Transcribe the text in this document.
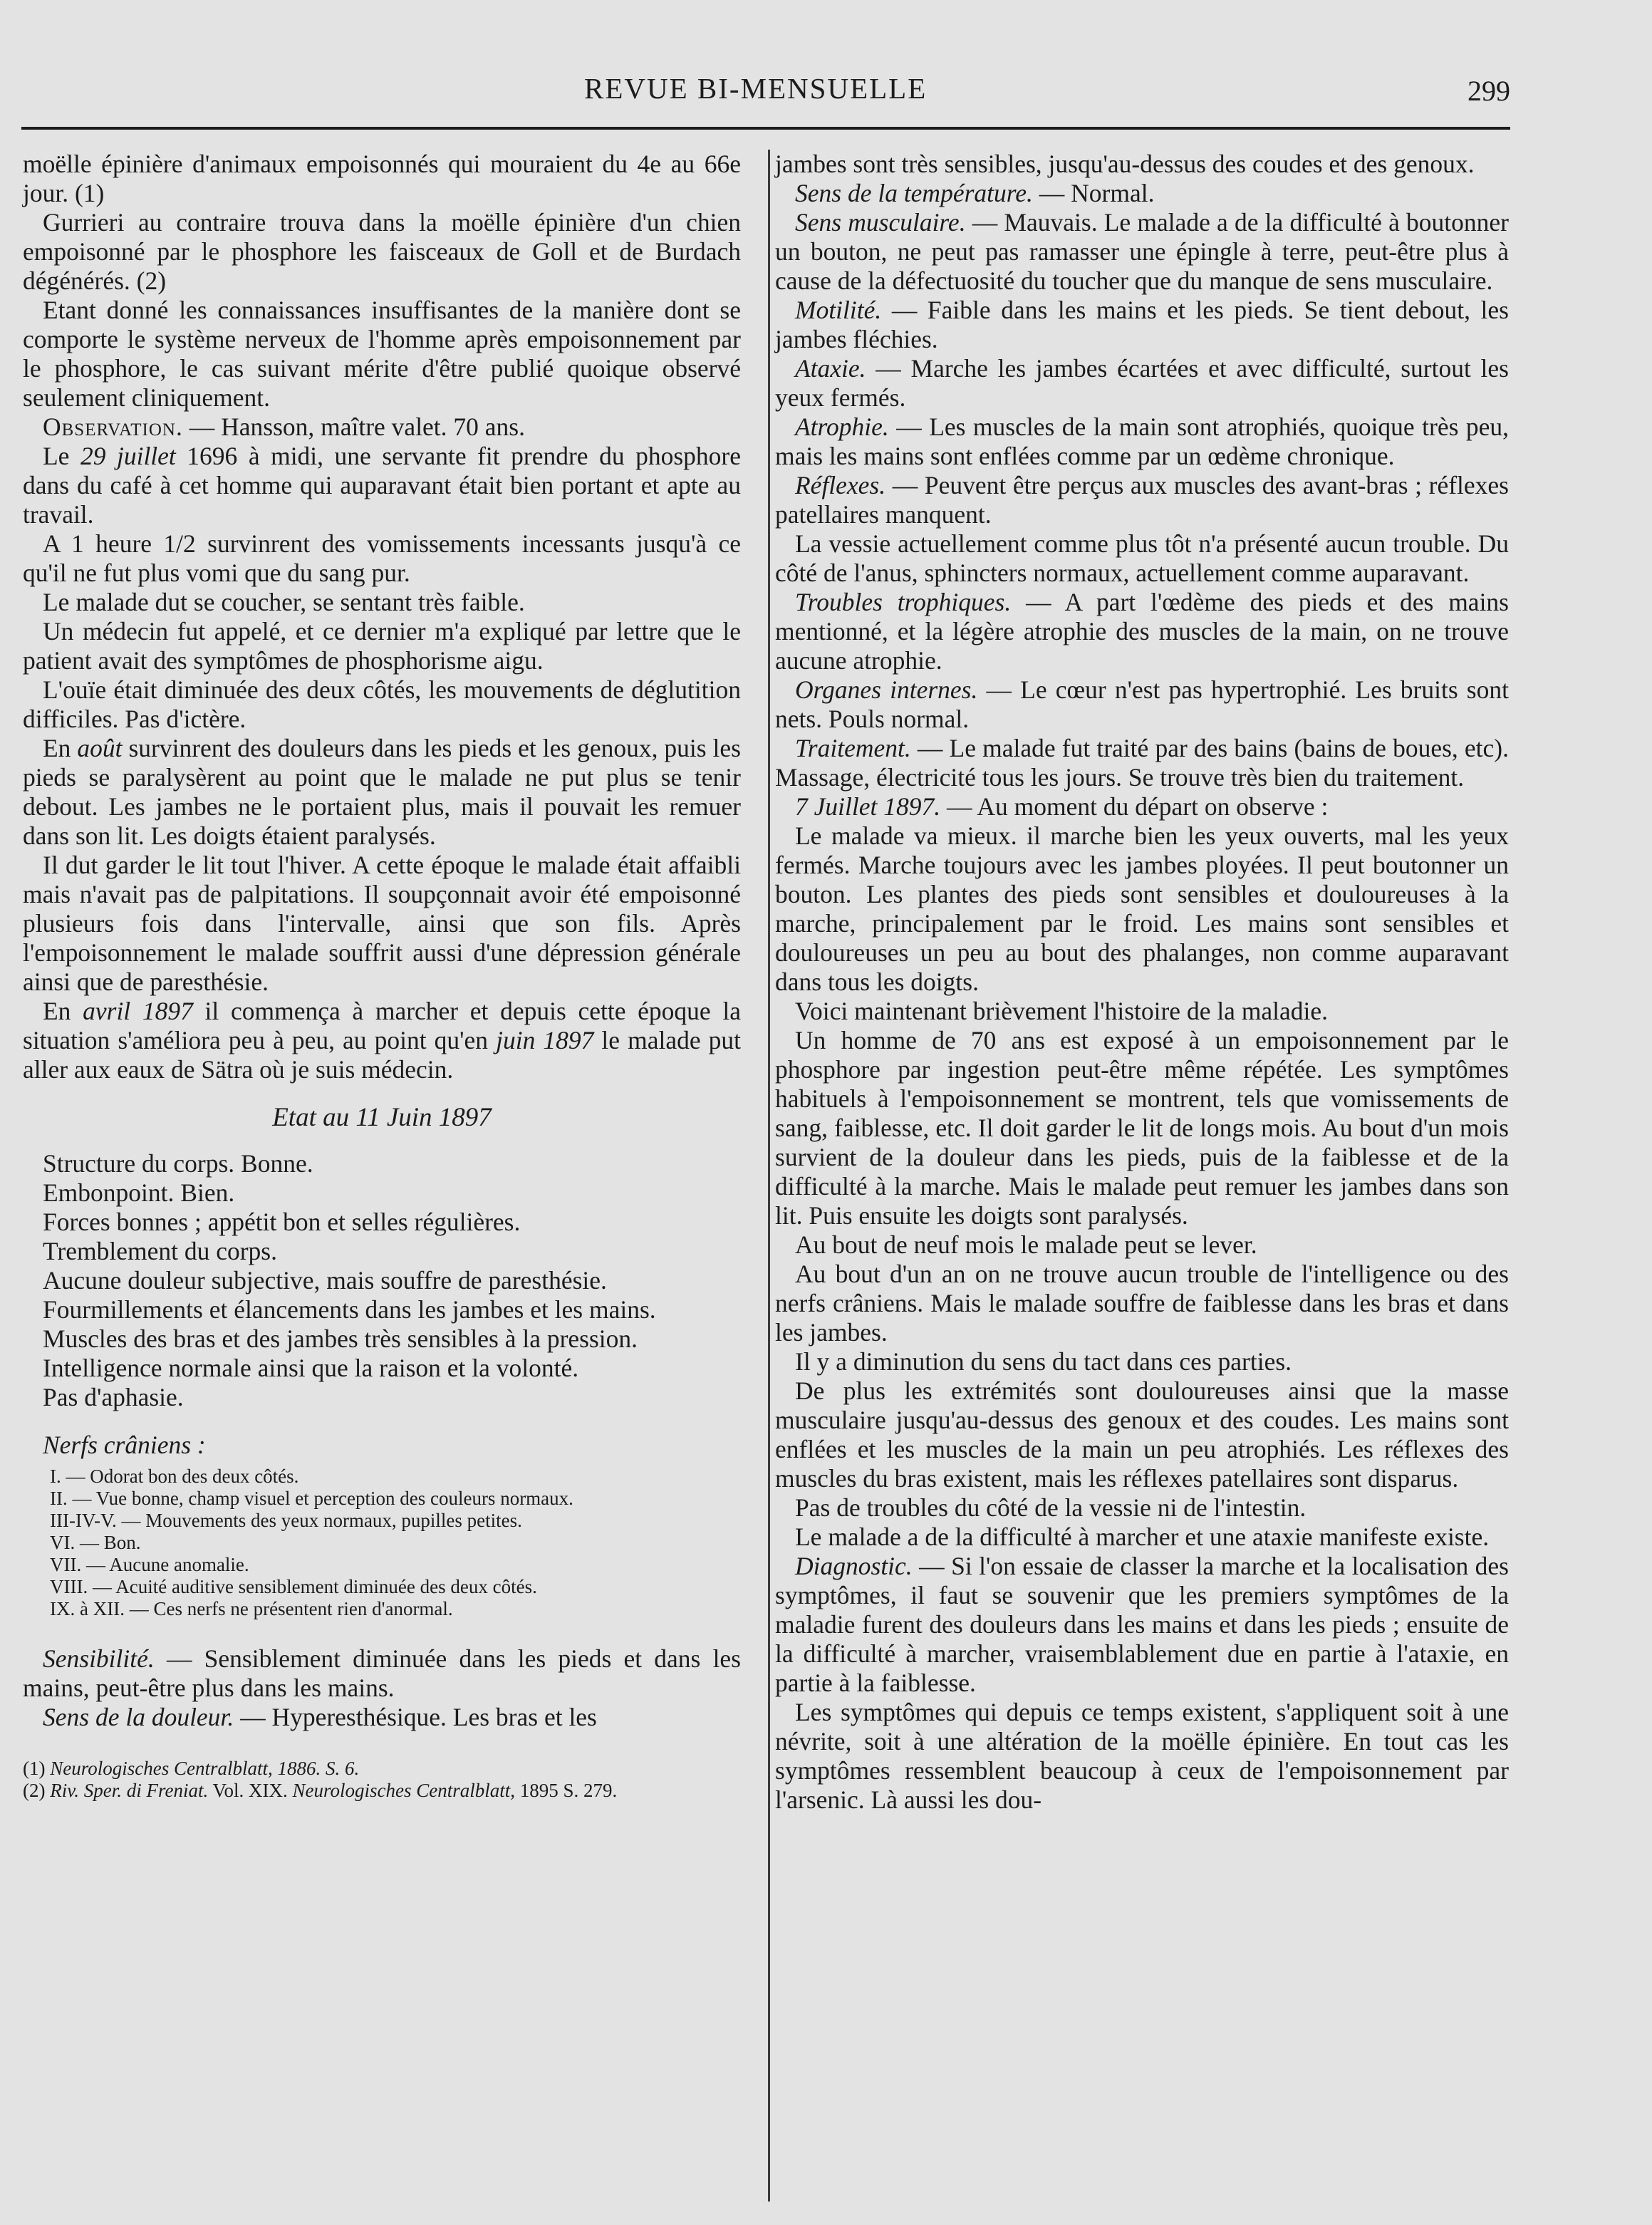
REVUE BI-MENSUELLE	299

moëlle épinière d'animaux empoisonnés qui mouraient du 4e au 66e jour. (1)

Gurrieri au contraire trouva dans la moëlle épinière d'un chien empoisonné par le phosphore les faisceaux de Goll et de Burdach dégénérés. (2)

Etant donné les connaissances insuffisantes de la manière dont se comporte le système nerveux de l'homme après empoisonnement par le phosphore, le cas suivant mérite d'être publié quoique observé seulement cliniquement.

Observation. — Hansson, maître valet. 70 ans.

Le 29 juillet 1696 à midi, une servante fit prendre du phosphore dans du café à cet homme qui auparavant était bien portant et apte au travail.

A 1 heure 1/2 survinrent des vomissements incessants jusqu'à ce qu'il ne fut plus vomi que du sang pur.

Le malade dut se coucher, se sentant très faible.

Un médecin fut appelé, et ce dernier m'a expliqué par lettre que le patient avait des symptômes de phosphorisme aigu.

L'ouïe était diminuée des deux côtés, les mouvements de déglutition difficiles. Pas d'ictère.

En août survinrent des douleurs dans les pieds et les genoux, puis les pieds se paralysèrent au point que le malade ne put plus se tenir debout. Les jambes ne le portaient plus, mais il pouvait les remuer dans son lit. Les doigts étaient paralysés.

Il dut garder le lit tout l'hiver. A cette époque le malade était affaibli mais n'avait pas de palpitations. Il soupçonnait avoir été empoisonné plusieurs fois dans l'intervalle, ainsi que son fils. Après l'empoisonnement le malade souffrit aussi d'une dépression générale ainsi que de paresthésie.

En avril 1897 il commença à marcher et depuis cette époque la situation s'améliora peu à peu, au point qu'en juin 1897 le malade put aller aux eaux de Sätra où je suis médecin.

Etat au 11 Juin 1897

Structure du corps. Bonne.

Embonpoint. Bien.

Forces bonnes ; appétit bon et selles régulières.

Tremblement du corps.

Aucune douleur subjective, mais souffre de paresthésie.

Fourmillements et élancements dans les jambes et les mains.

Muscles des bras et des jambes très sensibles à la pression.

Intelligence normale ainsi que la raison et la volonté.

Pas d'aphasie.

Nerfs crâniens :

I. — Odorat bon des deux côtés.
II. — Vue bonne, champ visuel et perception des couleurs normaux.
III-IV-V. — Mouvements des yeux normaux, pupilles petites.
VI. — Bon.
VII. — Aucune anomalie.
VIII. — Acuité auditive sensiblement diminuée des deux côtés.
IX. à XII. — Ces nerfs ne présentent rien d'anormal.

Sensibilité. — Sensiblement diminuée dans les pieds et dans les mains, peut-être plus dans les mains.

Sens de la douleur. — Hyperesthésique. Les bras et les

(1) Neurologisches Centralblatt, 1886. S. 6.
(2) Riv. Sper. di Freniat. Vol. XIX. Neurologisches Centralblatt, 1895 S. 279.

jambes sont très sensibles, jusqu'au-dessus des coudes et des genoux.

Sens de la température. — Normal.

Sens musculaire. — Mauvais. Le malade a de la difficulté à boutonner un bouton, ne peut pas ramasser une épingle à terre, peut-être plus à cause de la défectuosité du toucher que du manque de sens musculaire.

Motilité. — Faible dans les mains et les pieds. Se tient debout, les jambes fléchies.

Ataxie. — Marche les jambes écartées et avec difficulté, surtout les yeux fermés.

Atrophie. — Les muscles de la main sont atrophiés, quoique très peu, mais les mains sont enflées comme par un œdème chronique.

Réflexes. — Peuvent être perçus aux muscles des avant-bras ; réflexes patellaires manquent.

La vessie actuellement comme plus tôt n'a présenté aucun trouble. Du côté de l'anus, sphincters normaux, actuellement comme auparavant.

Troubles trophiques. — A part l'œdème des pieds et des mains mentionné, et la légère atrophie des muscles de la main, on ne trouve aucune atrophie.

Organes internes. — Le cœur n'est pas hypertrophié. Les bruits sont nets. Pouls normal.

Traitement. — Le malade fut traité par des bains (bains de boues, etc). Massage, électricité tous les jours. Se trouve très bien du traitement.

7 Juillet 1897. — Au moment du départ on observe :

Le malade va mieux. il marche bien les yeux ouverts, mal les yeux fermés. Marche toujours avec les jambes ployées. Il peut boutonner un bouton. Les plantes des pieds sont sensibles et douloureuses à la marche, principalement par le froid. Les mains sont sensibles et douloureuses un peu au bout des phalanges, non comme auparavant dans tous les doigts.

Voici maintenant brièvement l'histoire de la maladie.

Un homme de 70 ans est exposé à un empoisonnement par le phosphore par ingestion peut-être même répétée. Les symptômes habituels à l'empoisonnement se montrent, tels que vomissements de sang, faiblesse, etc. Il doit garder le lit de longs mois. Au bout d'un mois survient de la douleur dans les pieds, puis de la faiblesse et de la difficulté à la marche. Mais le malade peut remuer les jambes dans son lit. Puis ensuite les doigts sont paralysés.

Au bout de neuf mois le malade peut se lever.

Au bout d'un an on ne trouve aucun trouble de l'intelligence ou des nerfs crâniens. Mais le malade souffre de faiblesse dans les bras et dans les jambes.

Il y a diminution du sens du tact dans ces parties.

De plus les extrémités sont douloureuses ainsi que la masse musculaire jusqu'au-dessus des genoux et des coudes. Les mains sont enflées et les muscles de la main un peu atrophiés. Les réflexes des muscles du bras existent, mais les réflexes patellaires sont disparus.

Pas de troubles du côté de la vessie ni de l'intestin.

Le malade a de la difficulté à marcher et une ataxie manifeste existe.

Diagnostic. — Si l'on essaie de classer la marche et la localisation des symptômes, il faut se souvenir que les premiers symptômes de la maladie furent des douleurs dans les mains et dans les pieds ; ensuite de la difficulté à marcher, vraisemblablement due en partie à l'ataxie, en partie à la faiblesse.

Les symptômes qui depuis ce temps existent, s'appliquent soit à une névrite, soit à une altération de la moëlle épinière. En tout cas les symptômes ressemblent beaucoup à ceux de l'empoisonnement par l'arsenic. Là aussi les dou-
